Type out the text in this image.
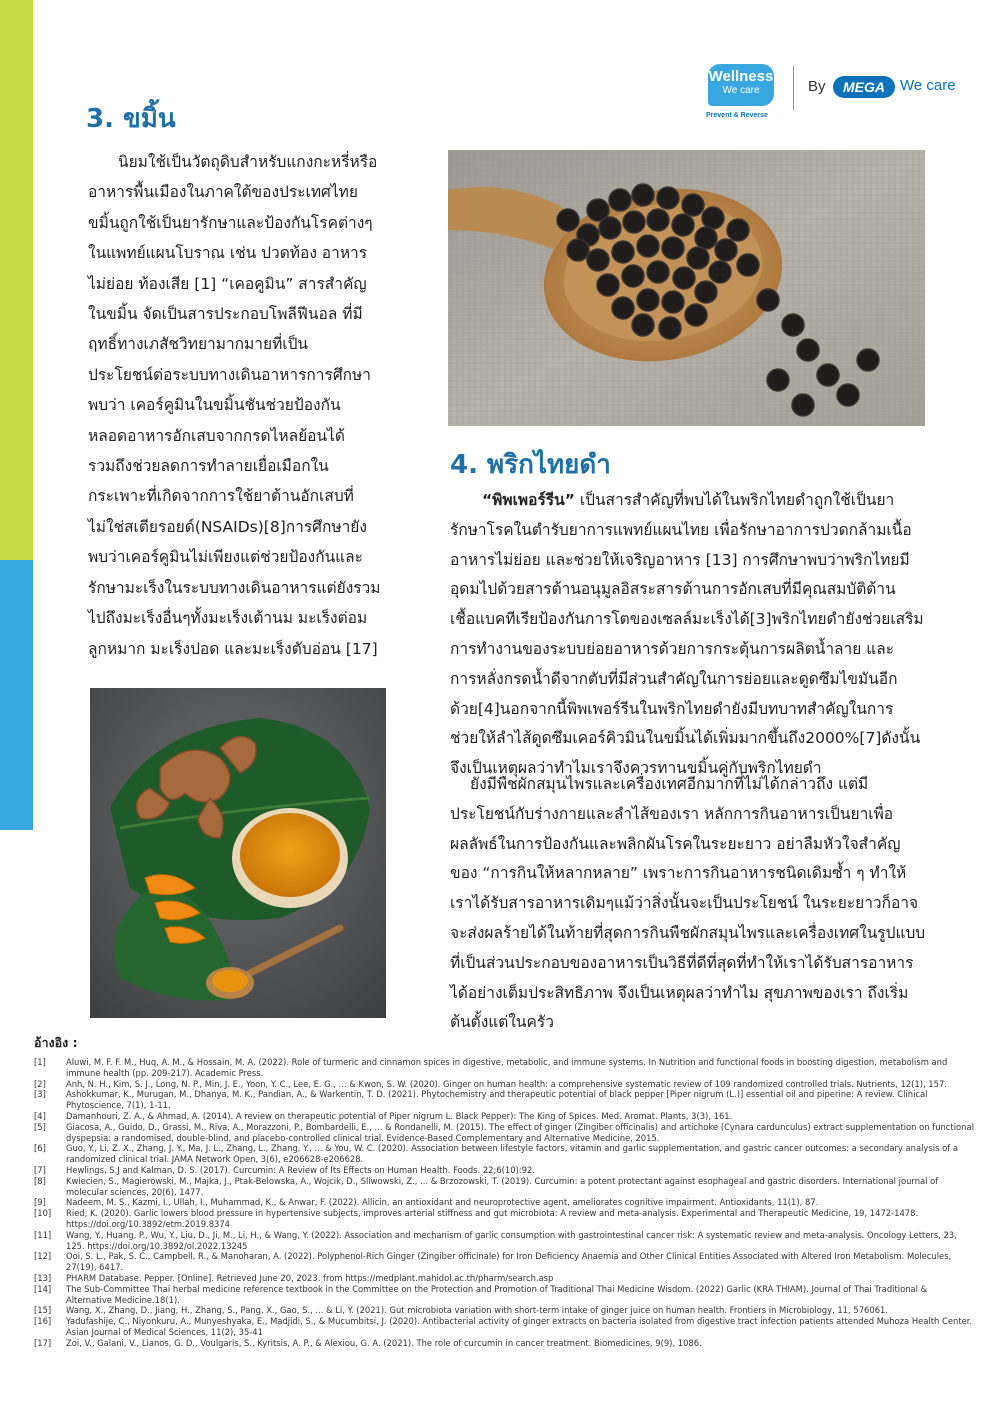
Wellness
We care
Prevent & Reverse
By	MEGA	We care
3. ขมิ้น
นิยมใช้เป็นวัตถุดิบสำหรับแกงกะหรี่หรือ
อาหารพื้นเมืองในภาคใต้ของประเทศไทย
ขมิ้นถูกใช้เป็นยารักษาและป้องกันโรคต่างๆ
ในแพทย์แผนโบราณ เช่น ปวดท้อง อาหาร
ไม่ย่อย ท้องเสีย [1] “เคอคูมิน” สารสำคัญ
ในขมิ้น จัดเป็นสารประกอบโพลีฟีนอล ที่มี
ฤทธิ์ทางเภสัชวิทยามากมายที่เป็น
ประโยชน์ต่อระบบทางเดินอาหารการศึกษา
พบว่า เคอร์คูมินในขมิ้นชันช่วยป้องกัน
หลอดอาหารอักเสบจากกรดไหลย้อนได้
รวมถึงช่วยลดการทำลายเยื่อเมือกใน
กระเพาะที่เกิดจากการใช้ยาต้านอักเสบที่
ไม่ใช่สเตียรอยด์(NSAIDs)[8]การศึกษายัง
พบว่าเคอร์คูมินไม่เพียงแต่ช่วยป้องกันและ
รักษามะเร็งในระบบทางเดินอาหารแต่ยังรวม
ไปถึงมะเร็งอื่นๆทั้งมะเร็งเต้านม มะเร็งต่อม
ลูกหมาก มะเร็งปอด และมะเร็งตับอ่อน [17]
4. พริกไทยดำ
“พิพเพอร์รีน” เป็นสารสำคัญที่พบได้ในพริกไทยดำถูกใช้เป็นยา
รักษาโรคในตำรับยาการแพทย์แผนไทย เพื่อรักษาอาการปวดกล้ามเนื้อ
อาหารไม่ย่อย และช่วยให้เจริญอาหาร [13] การศึกษาพบว่าพริกไทยมี
อุดมไปด้วยสารต้านอนุมูลอิสระสารต้านการอักเสบที่มีคุณสมบัติต้าน
เชื้อแบคทีเรียป้องกันการโตของเซลล์มะเร็งได้[3]พริกไทยดำยังช่วยเสริม
การทำงานของระบบย่อยอาหารด้วยการกระตุ้นการผลิตน้ำลาย และ
การหลั่งกรดน้ำดีจากตับที่มีส่วนสำคัญในการย่อยและดูดซึมไขมันอีก
ด้วย[4]นอกจากนี้พิพเพอร์รีนในพริกไทยดำยังมีบทบาทสำคัญในการ
ช่วยให้ลำไส้ดูดซึมเคอร์คิวมินในขมิ้นได้เพิ่มมากขึ้นถึง2000%[7]ดังนั้น
จึงเป็นเหตุผลว่าทำไมเราจึงควรทานขมิ้นคู่กับพริกไทยดำ
ยังมีพืชผักสมุนไพรและเครื่องเทศอีกมากที่ไม่ได้กล่าวถึง แต่มี
ประโยชน์กับร่างกายและลำไส้ของเรา หลักการกินอาหารเป็นยาเพื่อ
ผลลัพธ์ในการป้องกันและพลิกผันโรคในระยะยาว อย่าลืมหัวใจสำคัญ
ของ “การกินให้หลากหลาย” เพราะการกินอาหารชนิดเดิมซ้ำ ๆ ทำให้
เราได้รับสารอาหารเดิมๆแม้ว่าสิ่งนั้นจะเป็นประโยชน์ ในระยะยาวก็อาจ
จะส่งผลร้ายได้ในท้ายที่สุดการกินพืชผักสมุนไพรและเครื่องเทศในรูปแบบ
ที่เป็นส่วนประกอบของอาหารเป็นวิธีที่ดีที่สุดที่ทำให้เราได้รับสารอาหาร
ได้อย่างเต็มประสิทธิภาพ จึงเป็นเหตุผลว่าทำไม สุขภาพของเรา ถึงเริ่ม
ต้นตั้งแต่ในครัว
อ้างอิง :
[1]	Aluwi, M. F. F. M., Huq, A. M., & Hossain, M. A. (2022). Role of turmeric and cinnamon spices in digestive, metabolic, and immune systems. In Nutrition and functional foods in boosting digestion, metabolism and immune health (pp. 209-217). Academic Press.
[2]	Anh, N. H., Kim, S. J., Long, N. P., Min, J. E., Yoon, Y. C., Lee, E. G., ... & Kwon, S. W. (2020). Ginger on human health: a comprehensive systematic review of 109 randomized controlled trials. Nutrients, 12(1), 157.
[3]	Ashokkumar, K., Murugan, M., Dhanya, M. K., Pandian, A., & Warkentin, T. D. (2021). Phytochemistry and therapeutic potential of black pepper [Piper nigrum (L.)] essential oil and piperine: A review. Clinical Phytoscience, 7(1), 1-11.
[4]	Damanhouri, Z. A., & Ahmad, A. (2014). A review on therapeutic potential of Piper nigrum L. Black Pepper): The King of Spices. Med. Aromat. Plants, 3(3), 161.
[5]	Giacosa, A., Guido, D., Grassi, M., Riva, A., Morazzoni, P., Bombardelli, E., ... & Rondanelli, M. (2015). The effect of ginger (Zingiber officinalis) and artichoke (Cynara cardunculus) extract supplementation on functional dyspepsia: a randomised, double-blind, and placebo-controlled clinical trial. Evidence-Based Complementary and Alternative Medicine, 2015.
[6]	Guo, Y., Li, Z. X., Zhang, J. Y., Ma, J. L., Zhang, L., Zhang, Y., ... & You, W. C. (2020). Association between lifestyle factors, vitamin and garlic supplementation, and gastric cancer outcomes: a secondary analysis of a randomized clinical trial. JAMA Network Open, 3(6), e206628-e206628.
[7]	Hewlings, S.J and Kalman, D. S. (2017). Curcumin: A Review of Its Effects on Human Health. Foods. 22;6(10):92.
[8]	Kwiecien, S., Magierowski, M., Majka, J., Ptak-Belowska, A., Wojcik, D., Sliwowski, Z., ... & Brzozowski, T. (2019). Curcumin: a potent protectant against esophageal and gastric disorders. International journal of molecular sciences, 20(6), 1477.
[9]	Nadeem, M. S., Kazmi, I., Ullah, I., Muhammad, K., & Anwar, F. (2022). Allicin, an antioxidant and neuroprotective agent, ameliorates cognitive impairment. Antioxidants, 11(1), 87.
[10]	Ried, K. (2020). Garlic lowers blood pressure in hypertensive subjects, improves arterial stiffness and gut microbiota: A review and meta-analysis. Experimental and Therapeutic Medicine, 19, 1472-1478. https://doi.org/10.3892/etm.2019.8374
[11]	Wang, Y., Huang, P., Wu, Y., Liu, D., Ji, M., Li, H., & Wang, Y. (2022). Association and mechanism of garlic consumption with gastrointestinal cancer risk: A systematic review and meta-analysis. Oncology Letters, 23, 125. https://doi.org/10.3892/ol.2022.13245
[12]	Ooi, S. L., Pak, S. C., Campbell, R., & Manoharan, A. (2022). Polyphenol-Rich Ginger (Zingiber officinale) for Iron Deficiency Anaemia and Other Clinical Entities Associated with Altered Iron Metabolism. Molecules, 27(19), 6417.
[13]	PHARM Database. Pepper. [Online]. Retrieved June 20, 2023. from https://medplant.mahidol.ac.th/pharm/search.asp
[14]	The Sub-Committee Thai herbal medicine reference textbook in the Committee on the Protection and Promotion of Traditional Thai Medicine Wisdom. (2022) Garlic (KRA THIAM). Journal of Thai Traditional & Alternative Medicine.18(1).
[15]	Wang, X., Zhang, D., Jiang, H., Zhang, S., Pang, X., Gao, S., ... & Li, Y. (2021). Gut microbiota variation with short-term intake of ginger juice on human health. Frontiers in Microbiology, 11, 576061.
[16]	Yadufashije, C., Niyonkuru, A., Munyeshyaka, E., Madjidi, S., & Mucumbitsi, J. (2020). Antibacterial activity of ginger extracts on bacteria isolated from digestive tract infection patients attended Muhoza Health Center. Asian Journal of Medical Sciences, 11(2), 35-41
[17]	Zoi, V., Galani, V., Lianos, G. D., Voulgaris, S., Kyritsis, A. P., & Alexiou, G. A. (2021). The role of curcumin in cancer treatment. Biomedicines, 9(9), 1086.
